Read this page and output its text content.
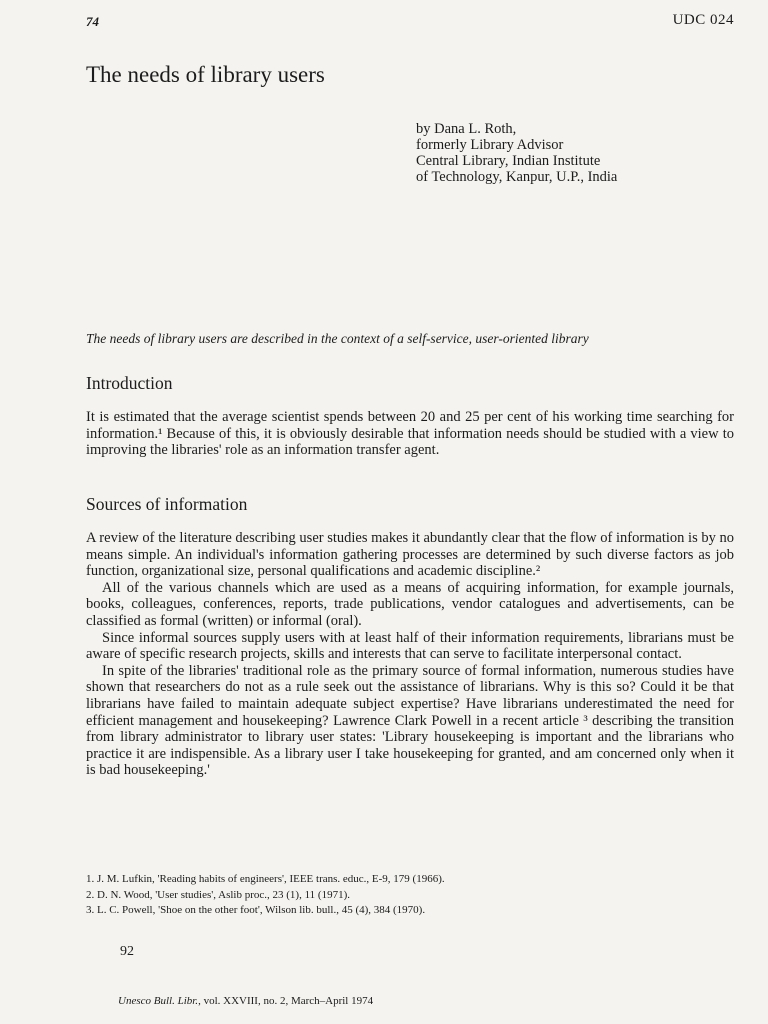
74	UDC 024
The needs of library users
by Dana L. Roth,
formerly Library Advisor
Central Library, Indian Institute
of Technology, Kanpur, U.P., India
The needs of library users are described in the context of a self-service, user-oriented library
Introduction

It is estimated that the average scientist spends between 20 and 25 per cent of his working time searching for information.¹ Because of this, it is obviously desirable that information needs should be studied with a view to improving the libraries' role as an information transfer agent.

Sources of information

A review of the literature describing user studies makes it abundantly clear that the flow of information is by no means simple. An individual's information gathering processes are determined by such diverse factors as job function, organizational size, personal qualifications and academic discipline.²

All of the various channels which are used as a means of acquiring information, for example journals, books, colleagues, conferences, reports, trade publications, vendor catalogues and advertisements, can be classified as formal (written) or informal (oral).

Since informal sources supply users with at least half of their information requirements, librarians must be aware of specific research projects, skills and interests that can serve to facilitate interpersonal contact.

In spite of the libraries' traditional role as the primary source of formal information, numerous studies have shown that researchers do not as a rule seek out the assistance of librarians. Why is this so? Could it be that librarians have failed to maintain adequate subject expertise? Have librarians underestimated the need for efficient management and housekeeping? Lawrence Clark Powell in a recent article ³ describing the transition from library administrator to library user states: 'Library housekeeping is important and the librarians who practice it are indispensible. As a library user I take housekeeping for granted, and am concerned only when it is bad housekeeping.'

1. J. M. Lufkin, 'Reading habits of engineers', IEEE trans. educ., E-9, 179 (1966).
2. D. N. Wood, 'User studies', Aslib proc., 23 (1), 11 (1971).
3. L. C. Powell, 'Shoe on the other foot', Wilson lib. bull., 45 (4), 384 (1970).
92
Unesco Bull. Libr., vol. XXVIII, no. 2, March–April 1974
